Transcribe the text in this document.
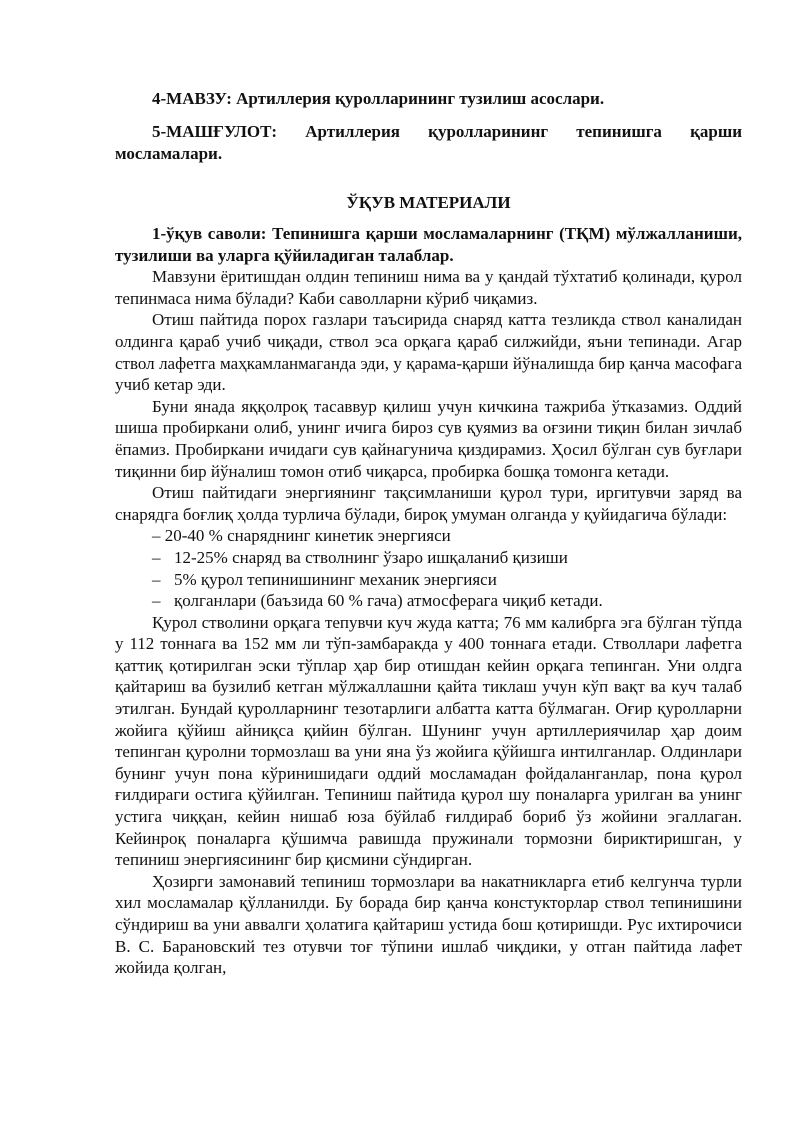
4-МАВЗУ: Артиллерия қуролларининг тузилиш асослари.

5-МАШҒУЛОТ: Артиллерия қуролларининг тепинишга қарши мосламалари.

ЎҚУВ МАТЕРИАЛИ

1-ўқув саволи: Тепинишга қарши мосламаларнинг (ТҚМ) мўлжалланиши, тузилиши ва уларга қўйиладиган талаблар.

Мавзуни ёритишдан олдин тепиниш нима ва у қандай тўхтатиб қолинади, қурол тепинмаса нима бўлади? Каби саволларни кўриб чиқамиз.

Отиш пайтида порох газлари таъсирида снаряд катта тезликда ствол каналидан олдинга қараб учиб чиқади, ствол эса орқага қараб силжийди, яъни тепинади. Агар ствол лафетга маҳкамланмаганда эди, у қарама-қарши йўналишда бир қанча масофага учиб кетар эди.

Буни янада яққолроқ тасаввур қилиш учун кичкина тажриба ўтказамиз. Оддий шиша пробиркани олиб, унинг ичига бироз сув қуямиз ва оғзини тиқин билан зичлаб ёпамиз. Пробиркани ичидаги сув қайнагунича қиздирамиз. Ҳосил бўлган сув буғлари тиқинни бир йўналиш томон отиб чиқарса, пробирка бошқа томонга кетади.

Отиш пайтидаги энергиянинг тақсимланиши қурол тури, иргитувчи заряд ва снарядга боғлиқ ҳолда турлича бўлади, бироқ умуман олганда у қуйидагича бўлади:

– 20-40 % снаряднинг кинетик энергияси

– 12-25% снаряд ва стволнинг ўзаро ишқаланиб қизиши

– 5% қурол тепинишининг механик энергияси

– қолганлари (баъзида 60 % гача) атмосферага чиқиб кетади.

Қурол стволини орқага тепувчи куч жуда катта; 76 мм калибрга эга бўлган тўпда у 112 тоннага ва 152 мм ли тўп-замбаракда у 400 тоннага етади. Стволлари лафетга қаттиқ қотирилган эски тўплар ҳар бир отишдан кейин орқага тепинган. Уни олдга қайтариш ва бузилиб кетган мўлжаллашни қайта тиклаш учун кўп вақт ва куч талаб этилган. Бундай қуролларнинг тезотарлиги албатта катта бўлмаган. Оғир қуролларни жойига қўйиш айниқса қийин бўлган. Шунинг учун артиллериячилар ҳар доим тепинган қуролни тормозлаш ва уни яна ўз жойига қўйишга интилганлар. Олдинлари бунинг учун пона кўринишидаги оддий мосламадан фойдаланганлар, пона қурол ғилдираги остига қўйилган. Тепиниш пайтида қурол шу поналарга урилган ва унинг устига чиққан, кейин нишаб юза бўйлаб ғилдираб бориб ўз жойини эгаллаган. Кейинроқ поналарга қўшимча равишда пружинали тормозни бириктиришган, у тепиниш энергиясининг бир қисмини сўндирган.

Ҳозирги замонавий тепиниш тормозлари ва накатникларга етиб келгунча турли хил мосламалар қўлланилди. Бу борада бир қанча констукторлар ствол тепинишини сўндириш ва уни аввалги ҳолатига қайтариш устида бош қотиришди. Рус ихтирочиси В. С. Барановский тез отувчи тоғ тўпини ишлаб чиқдики, у отган пайтида лафет жойида қолган,
